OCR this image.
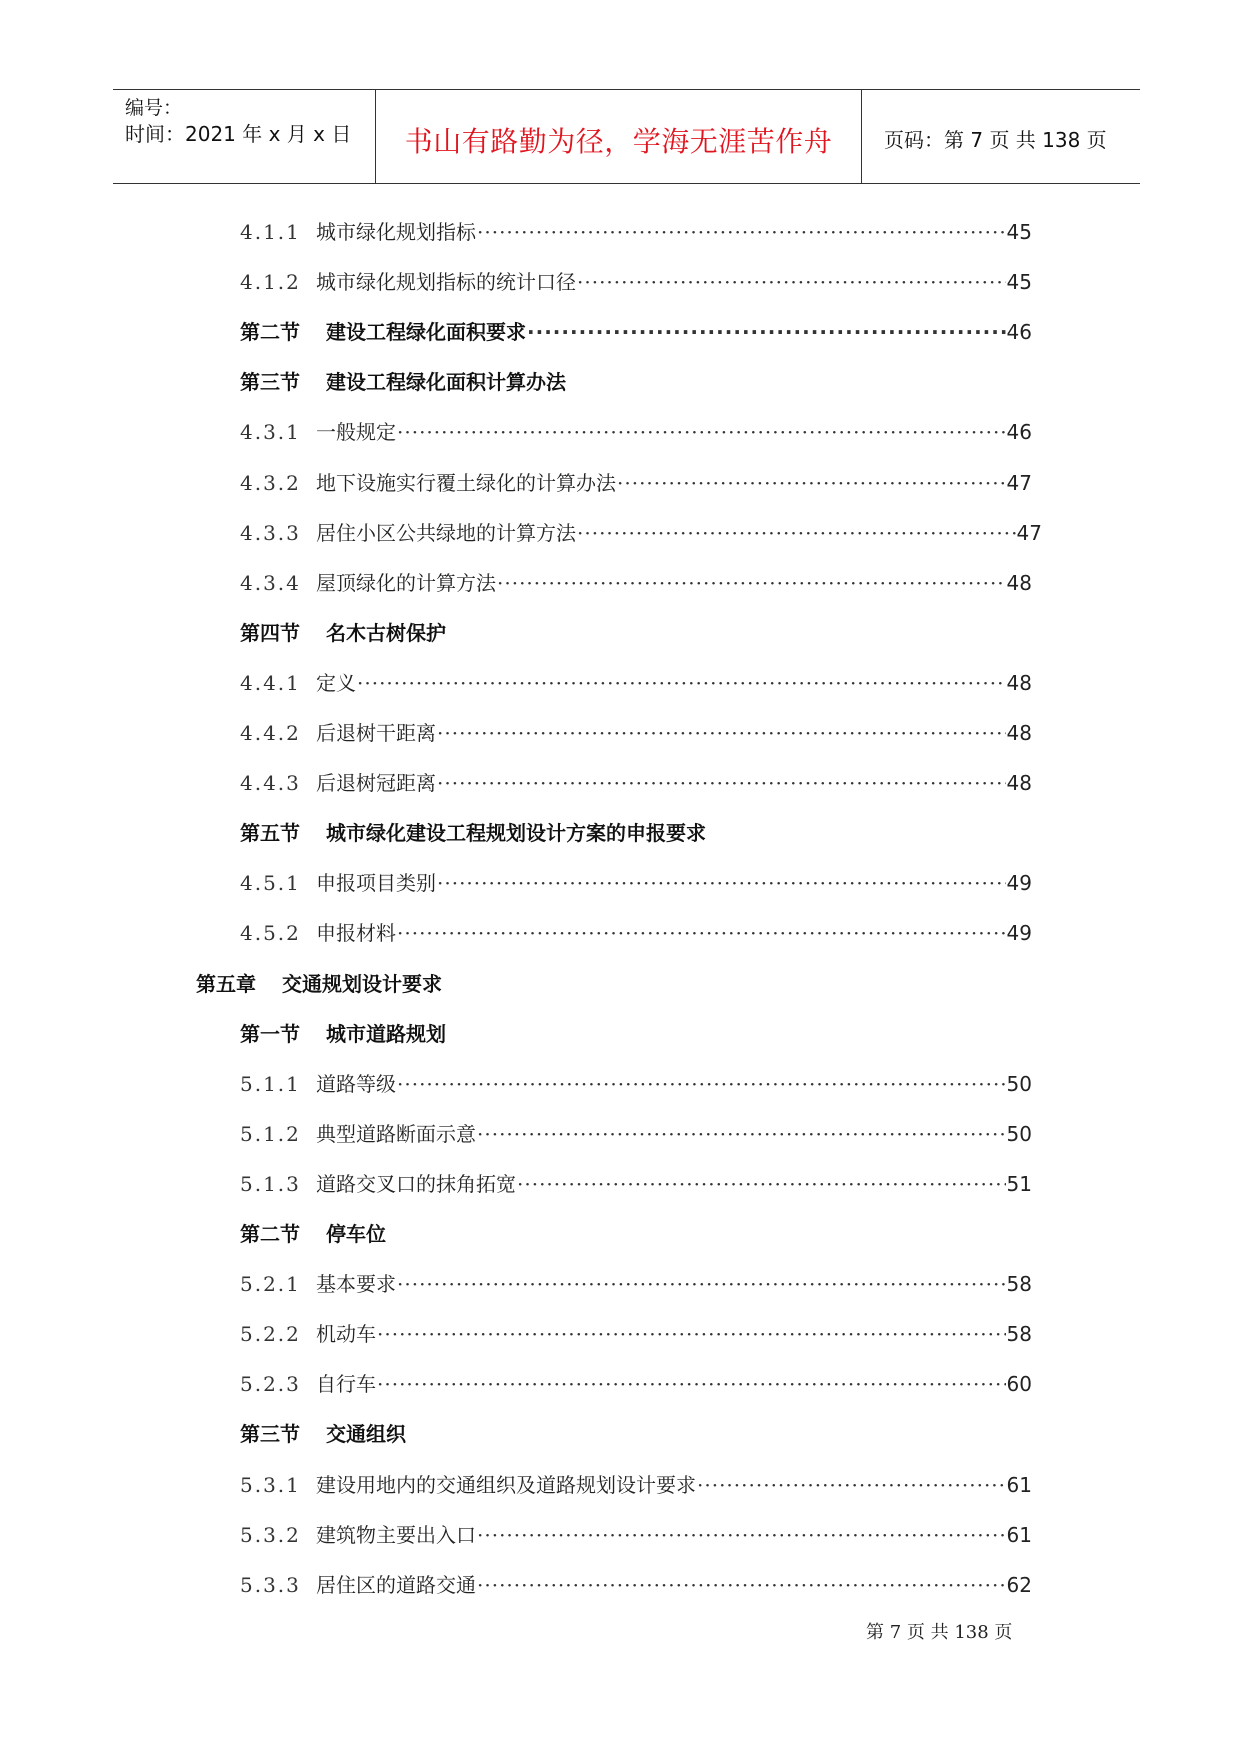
编号：
时间：2021 年 x 月 x 日	书山有路勤为径，学海无涯苦作舟	页码：第 7 页 共 138 页
4.1.1 城市绿化规划指标 ·····	45
4.1.2 城市绿化规划指标的统计口径 ·····	45
第二节	建设工程绿化面积要求 ·····	46
第三节	建设工程绿化面积计算办法
4.3.1 一般规定 ·····	46
4.3.2 地下设施实行覆土绿化的计算办法 ·····	47
4.3.3 居住小区公共绿地的计算方法 ·····	47
4.3.4 屋顶绿化的计算方法 ·····	48
第四节	名木古树保护
4.4.1 定义 ·····	48
4.4.2 后退树干距离 ·····	48
4.4.3 后退树冠距离 ·····	48
第五节	城市绿化建设工程规划设计方案的申报要求
4.5.1 申报项目类别 ·····	49
4.5.2 申报材料 ·····	49
第五章	交通规划设计要求
第一节	城市道路规划
5.1.1 道路等级 ·····	50
5.1.2 典型道路断面示意 ·····	50
5.1.3 道路交叉口的抹角拓宽 ·····	51
第二节	停车位
5.2.1 基本要求 ·····	58
5.2.2 机动车 ·····	58
5.2.3 自行车 ·····	60
第三节	交通组织
5.3.1 建设用地内的交通组织及道路规划设计要求 ·····	61
5.3.2 建筑物主要出入口 ·····	61
5.3.3 居住区的道路交通 ·····	62
第 7 页 共 138 页
